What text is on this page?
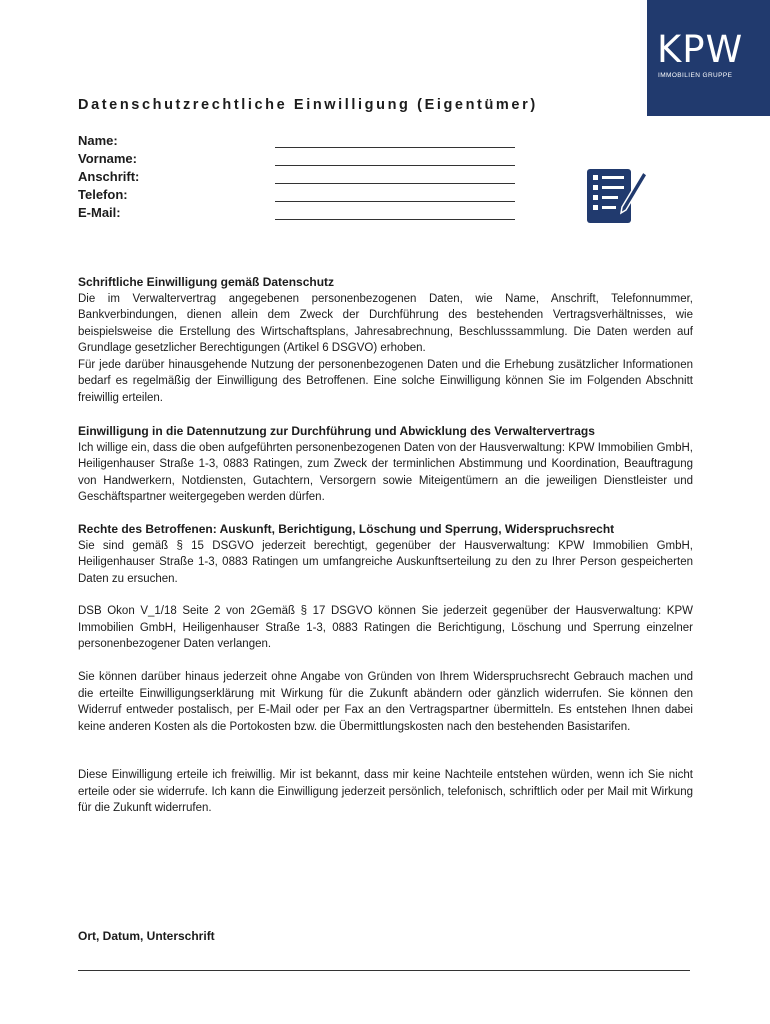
KPW
IMMOBILIEN GRUPPE
Datenschutzrechtliche Einwilligung (Eigentümer)
Name:
Vorname:
Anschrift:
Telefon:
E-Mail:
Schriftliche Einwilligung gemäß Datenschutz

Die im Verwaltervertrag angegebenen personenbezogenen Daten, wie Name, Anschrift, Telefonnummer, Bankverbindungen, dienen allein dem Zweck der Durchführung des bestehenden Vertragsverhältnisses, wie beispielsweise die Erstellung des Wirtschaftsplans, Jahresabrechnung, Beschlusssammlung. Die Daten werden auf Grundlage gesetzlicher Berechtigungen (Artikel 6 DSGVO) erhoben.

Für jede darüber hinausgehende Nutzung der personenbezogenen Daten und die Erhebung zusätzlicher Informationen bedarf es regelmäßig der Einwilligung des Betroffenen. Eine solche Einwilligung können Sie im Folgenden Abschnitt freiwillig erteilen.

Einwilligung in die Datennutzung zur Durchführung und Abwicklung des Verwaltervertrags

Ich willige ein, dass die oben aufgeführten personenbezogenen Daten von der Hausverwaltung: KPW Immobilien GmbH, Heiligenhauser Straße 1-3, 0883 Ratingen, zum Zweck der terminlichen Abstimmung und Koordination, Beauftragung von Handwerkern, Notdiensten, Gutachtern, Versorgern sowie Miteigentümern an die jeweiligen Dienstleister und Geschäftspartner weitergegeben werden dürfen.

Rechte des Betroffenen: Auskunft, Berichtigung, Löschung und Sperrung, Widerspruchsrecht

Sie sind gemäß § 15 DSGVO jederzeit berechtigt, gegenüber der Hausverwaltung: KPW Immobilien GmbH, Heiligenhauser Straße 1-3, 0883 Ratingen um umfangreiche Auskunftserteilung zu den zu Ihrer Person gespeicherten Daten zu ersuchen.

DSB Okon V_1/18 Seite 2 von 2Gemäß § 17 DSGVO können Sie jederzeit gegenüber der Hausverwaltung: KPW Immobilien GmbH, Heiligenhauser Straße 1-3, 0883 Ratingen die Berichtigung, Löschung und Sperrung einzelner personenbezogener Daten verlangen.

Sie können darüber hinaus jederzeit ohne Angabe von Gründen von Ihrem Widerspruchsrecht Gebrauch machen und die erteilte Einwilligungserklärung mit Wirkung für die Zukunft abändern oder gänzlich widerrufen. Sie können den Widerruf entweder postalisch, per E-Mail oder per Fax an den Vertragspartner übermitteln. Es entstehen Ihnen dabei keine anderen Kosten als die Portokosten bzw. die Übermittlungskosten nach den bestehenden Basistarifen.

Diese Einwilligung erteile ich freiwillig. Mir ist bekannt, dass mir keine Nachteile entstehen würden, wenn ich Sie nicht erteile oder sie widerrufe. Ich kann die Einwilligung jederzeit persönlich, telefonisch, schriftlich oder per Mail mit Wirkung für die Zukunft widerrufen.

Ort, Datum, Unterschrift
